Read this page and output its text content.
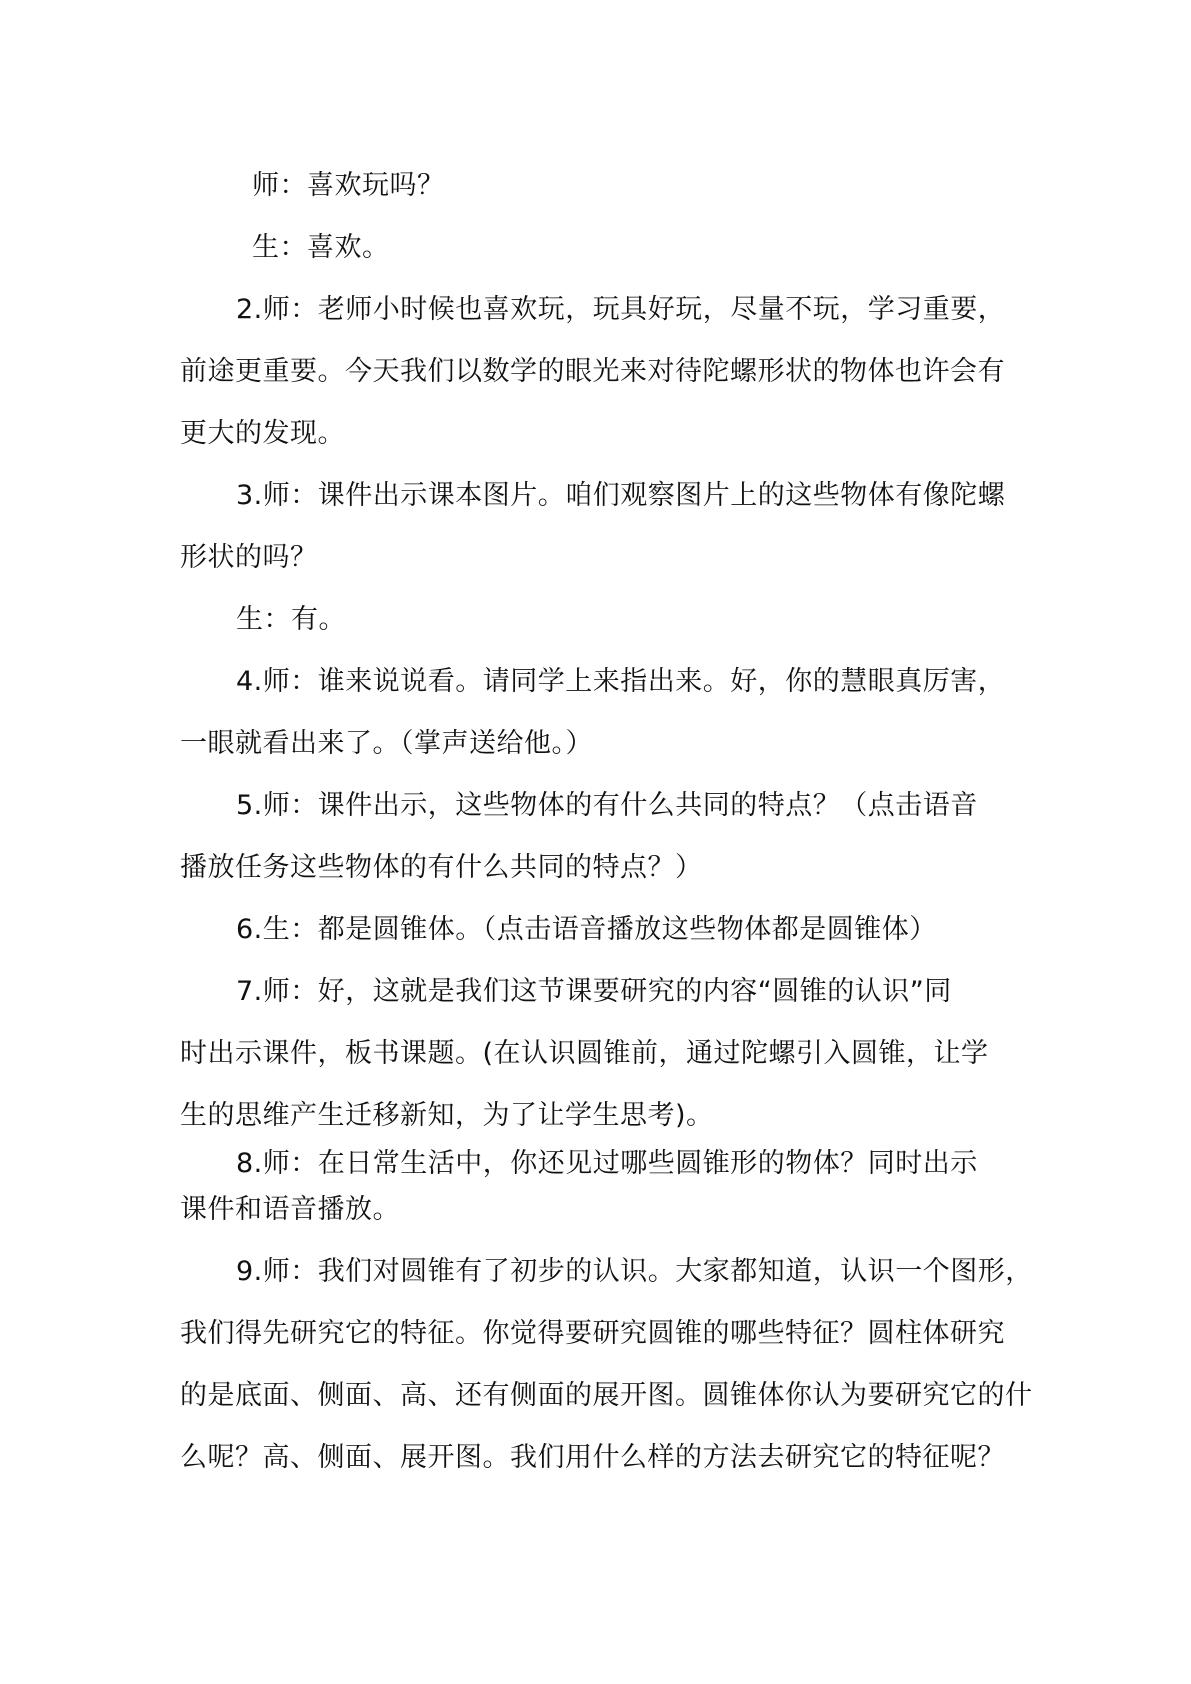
师：喜欢玩吗？
生：喜欢。
2.师：老师小时候也喜欢玩，玩具好玩，尽量不玩，学习重要，
前途更重要。今天我们以数学的眼光来对待陀螺形状的物体也许会有
更大的发现。
3.师：课件出示课本图片。咱们观察图片上的这些物体有像陀螺
形状的吗？
生：有。
4.师：谁来说说看。请同学上来指出来。好，你的慧眼真厉害，
一眼就看出来了。（掌声送给他。）
5.师：课件出示，这些物体的有什么共同的特点？（点击语音
播放任务这些物体的有什么共同的特点？）
6.生：都是圆锥体。（点击语音播放这些物体都是圆锥体）
7.师：好，这就是我们这节课要研究的内容“圆锥的认识”同
时出示课件，板书课题。(在认识圆锥前，通过陀螺引入圆锥，让学
生的思维产生迁移新知，为了让学生思考)。
8.师：在日常生活中，你还见过哪些圆锥形的物体？同时出示
课件和语音播放。
9.师：我们对圆锥有了初步的认识。大家都知道，认识一个图形，
我们得先研究它的特征。你觉得要研究圆锥的哪些特征？圆柱体研究
的是底面、侧面、高、还有侧面的展开图。圆锥体你认为要研究它的什
么呢？高、侧面、展开图。我们用什么样的方法去研究它的特征呢？
